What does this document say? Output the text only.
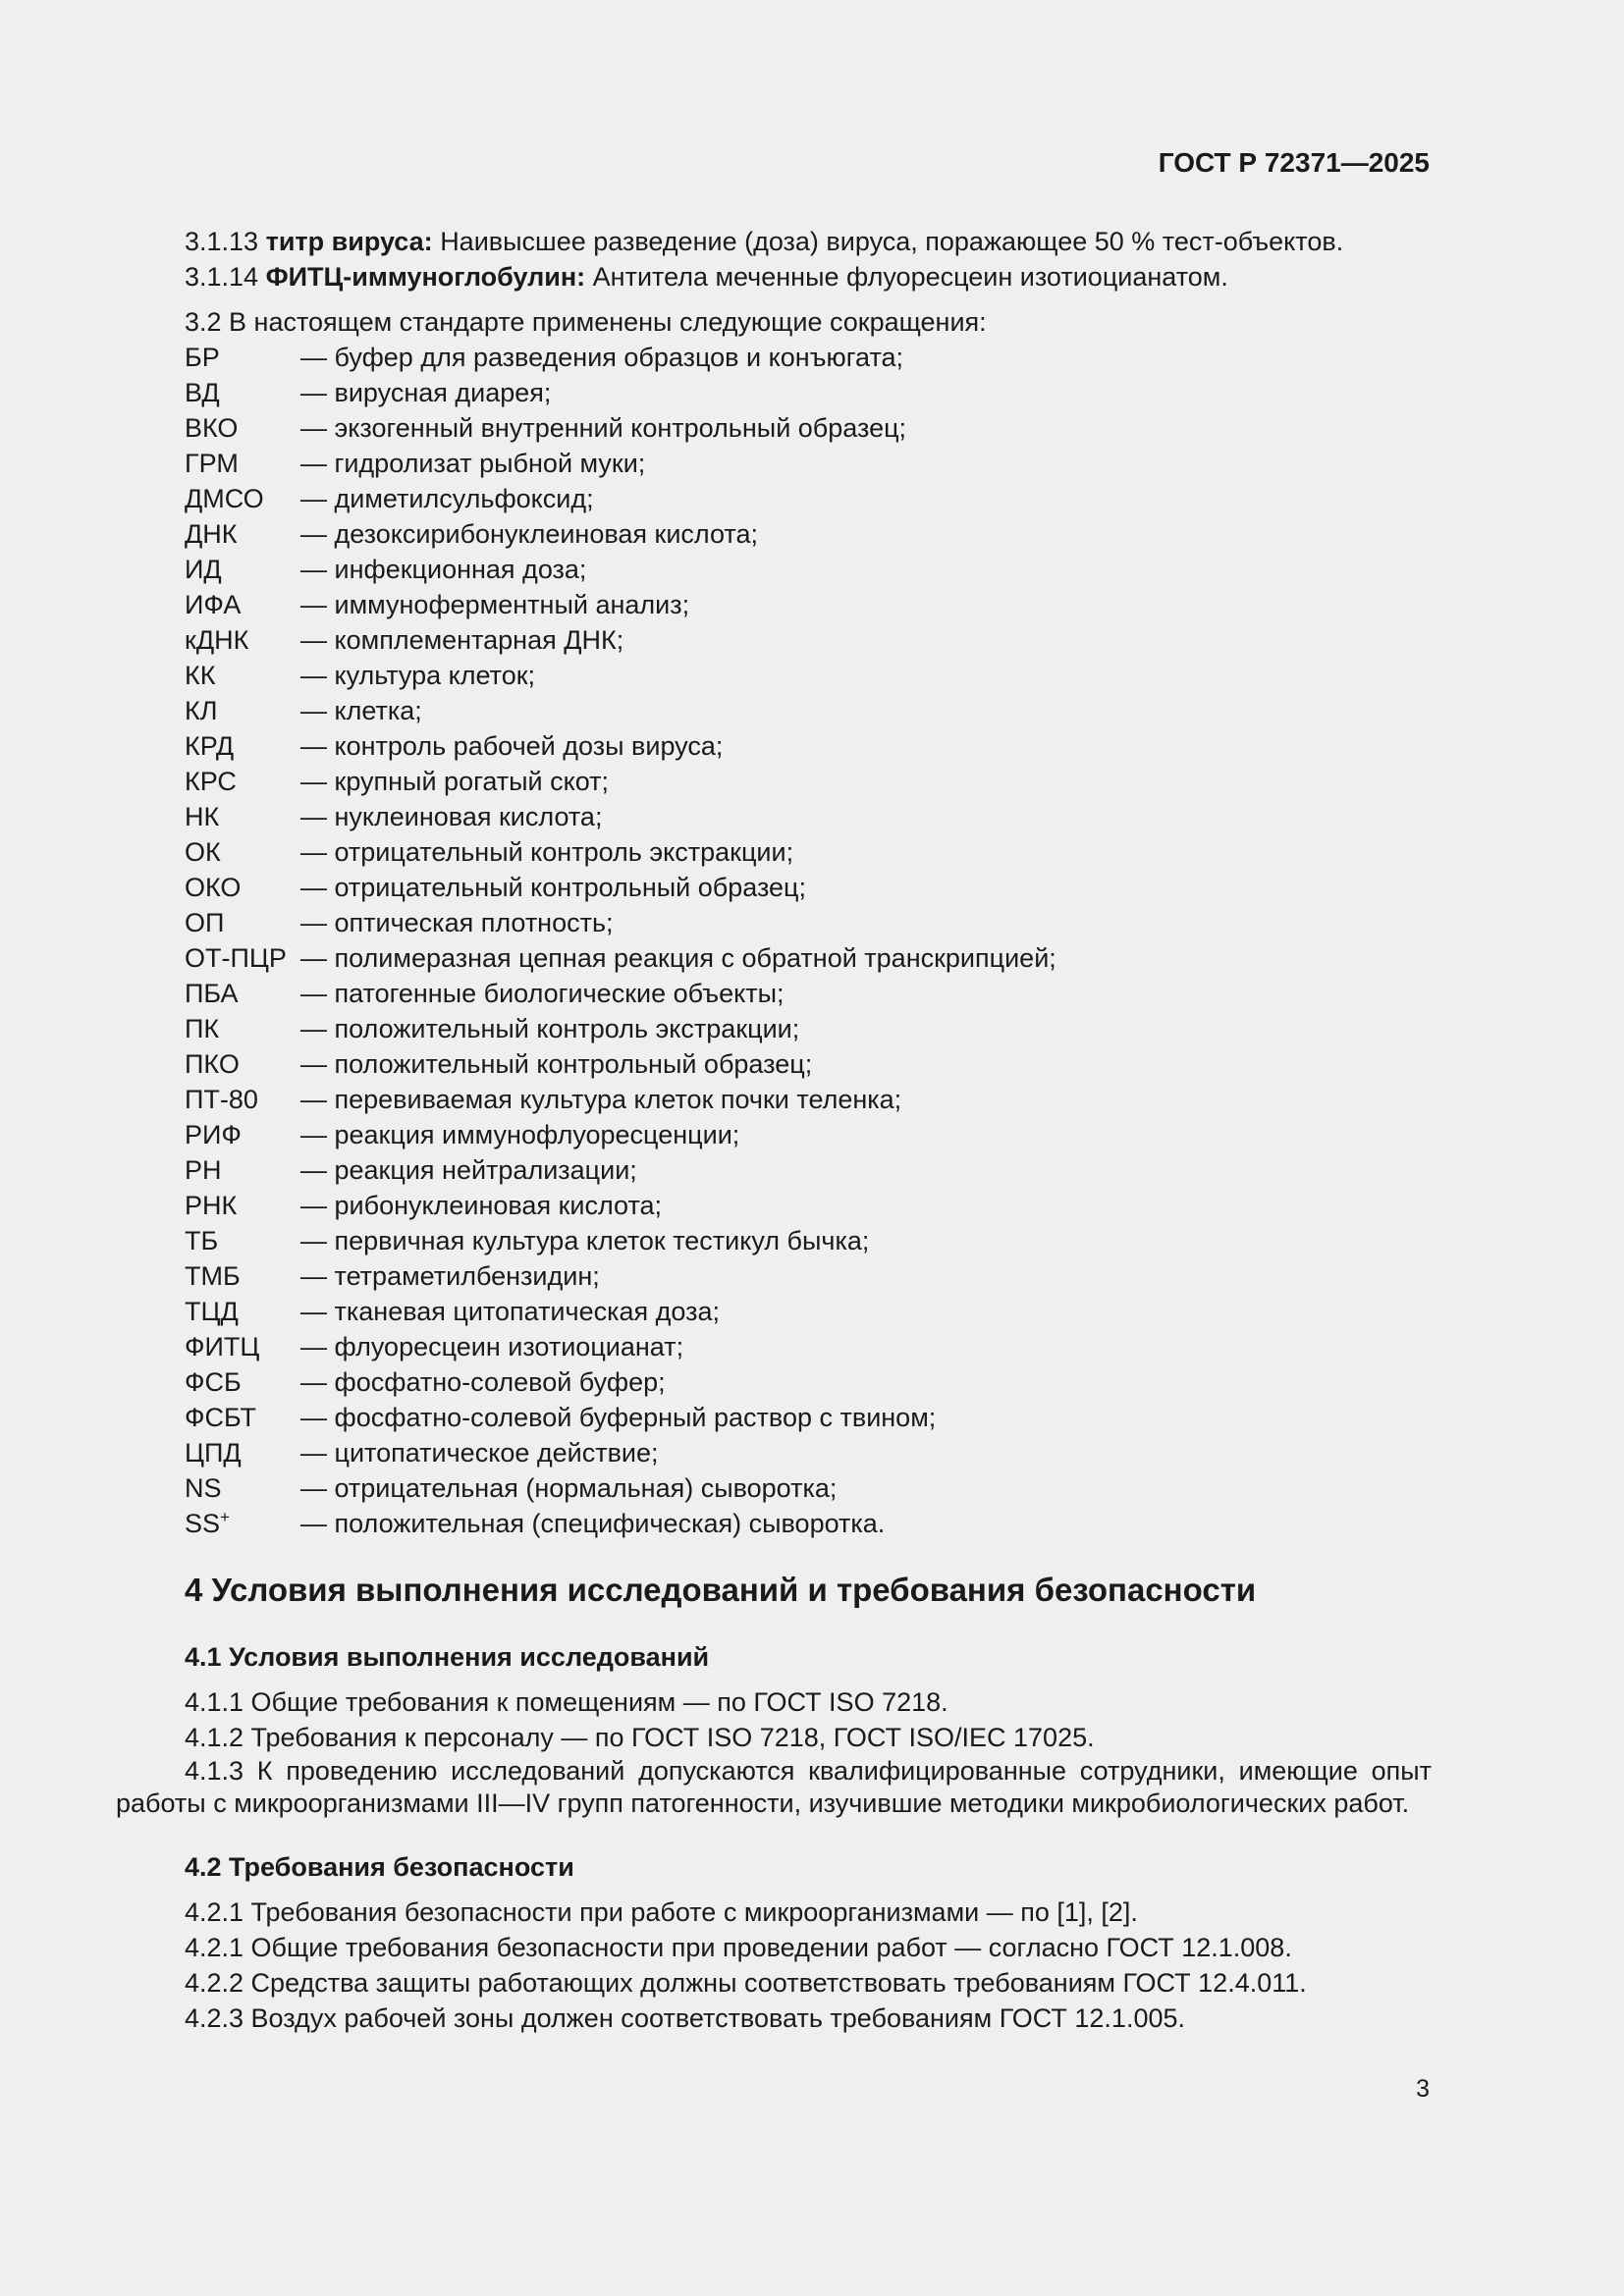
ГОСТ Р 72371—2025
3.1.13 титр вируса: Наивысшее разведение (доза) вируса, поражающее 50 % тест-объектов.
3.1.14 ФИТЦ-иммуноглобулин: Антитела меченные флуоресцеин изотиоцианатом.
3.2 В настоящем стандарте применены следующие сокращения:
БР	— буфер для разведения образцов и конъюгата;
ВД	— вирусная диарея;
ВКО	— экзогенный внутренний контрольный образец;
ГРМ	— гидролизат рыбной муки;
ДМСО	— диметилсульфоксид;
ДНК	— дезоксирибонуклеиновая кислота;
ИД	— инфекционная доза;
ИФА	— иммуноферментный анализ;
кДНК	— комплементарная ДНК;
КК	— культура клеток;
КЛ	— клетка;
КРД	— контроль рабочей дозы вируса;
КРС	— крупный рогатый скот;
НК	— нуклеиновая кислота;
ОК	— отрицательный контроль экстракции;
ОКО	— отрицательный контрольный образец;
ОП	— оптическая плотность;
ОТ-ПЦР — полимеразная цепная реакция с обратной транскрипцией;
ПБА	— патогенные биологические объекты;
ПК	— положительный контроль экстракции;
ПКО	— положительный контрольный образец;
ПТ-80	— перевиваемая культура клеток почки теленка;
РИФ	— реакция иммунофлуоресценции;
РН	— реакция нейтрализации;
РНК	— рибонуклеиновая кислота;
ТБ	— первичная культура клеток тестикул бычка;
ТМБ	— тетраметилбензидин;
ТЦД	— тканевая цитопатическая доза;
ФИТЦ	— флуоресцеин изотиоцианат;
ФСБ	— фосфатно-солевой буфер;
ФСБТ	— фосфатно-солевой буферный раствор с твином;
ЦПД	— цитопатическое действие;
NS	— отрицательная (нормальная) сыворотка;
SS+	— положительная (специфическая) сыворотка.
4 Условия выполнения исследований и требования безопасности
4.1 Условия выполнения исследований
4.1.1 Общие требования к помещениям — по ГОСТ ISO 7218.
4.1.2 Требования к персоналу — по ГОСТ ISO 7218, ГОСТ ISO/IEC 17025.
4.1.3 К проведению исследований допускаются квалифицированные сотрудники, имеющие опыт работы с микроорганизмами III—IV групп патогенности, изучившие методики микробиологических работ.
4.2 Требования безопасности
4.2.1 Требования безопасности при работе с микроорганизмами — по [1], [2].
4.2.1 Общие требования безопасности при проведении работ — согласно ГОСТ 12.1.008.
4.2.2 Средства защиты работающих должны соответствовать требованиям ГОСТ 12.4.011.
4.2.3 Воздух рабочей зоны должен соответствовать требованиям ГОСТ 12.1.005.
3
